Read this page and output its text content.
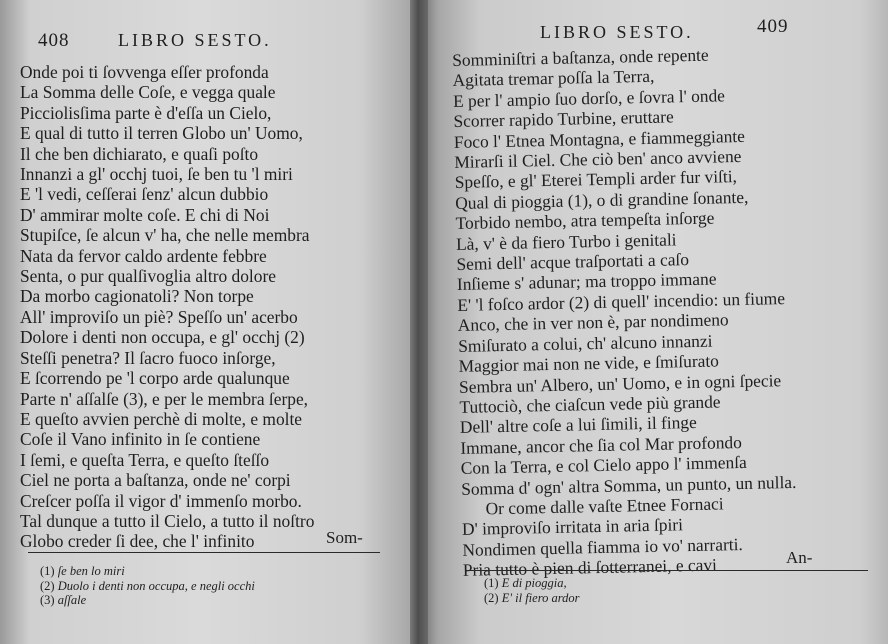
408	LIBRO SESTO.
Onde poi ti ſovvenga eſſer profonda
La Somma delle Coſe, e vegga quale
Picciolisſima parte è d'eſſa un Cielo,
E qual di tutto il terren Globo un' Uomo,
Il che ben dichiarato, e quaſi poſto
Innanzi a gl' occhj tuoi, ſe ben tu 'l miri
E 'l vedi, ceſſerai ſenz' alcun dubbio
D' ammirar molte coſe. E chi di Noi
Stupiſce, ſe alcun v' ha, che nelle membra
Nata da fervor caldo ardente febbre
Senta, o pur qualſivoglia altro dolore
Da morbo cagionatoli? Non torpe
All' improviſo un piè? Speſſo un' acerbo
Dolore i denti non occupa, e gl' occhj (2)
Steſſi penetra? Il ſacro fuoco inſorge,
E ſcorrendo pe 'l corpo arde qualunque
Parte n' aſſalſe (3), e per le membra ſerpe,
E queſto avvien perchè di molte, e molte
Coſe il Vano infinito in ſe contiene
I ſemi, e queſta Terra, e queſto ſteſſo
Ciel ne porta a baſtanza, onde ne' corpi
Creſcer poſſa il vigor d' immenſo morbo.
Tal dunque a tutto il Cielo, a tutto il noſtro
Globo creder ſi dee, che l' infinito	Som-
(1) ſe ben lo miri
(2) Duolo i denti non occupa, e negli occhi
(3) aſſale
LIBRO SESTO.	409
Somminiſtri a baſtanza, onde repente
Agitata tremar poſſa la Terra,
E per l' ampio ſuo dorſo, e ſovra l' onde
Scorrer rapido Turbine, eruttare
Foco l' Etnea Montagna, e fiammeggiante
Mirarſi il Ciel. Che ciò ben' anco avviene
Speſſo, e gl' Eterei Templi arder fur viſti,
Qual di pioggia (1), o di grandine ſonante,
Torbido nembo, atra tempeſta inſorge
Là, v' è da fiero Turbo i genitali
Semi dell' acque traſportati a caſo
Inſieme s' adunar; ma troppo immane
E' 'l foſco ardor (2) di quell' incendio: un fiume
Anco, che in ver non è, par nondimeno
Smiſurato a colui, ch' alcuno innanzi
Maggior mai non ne vide, e ſmiſurato
Sembra un' Albero, un' Uomo, e in ogni ſpecie
Tuttociò, che ciaſcun vede più grande
Dell' altre coſe a lui ſimili, il finge
Immane, ancor che ſia col Mar profondo
Con la Terra, e col Cielo appo l' immenſa
Somma d' ogn' altra Somma, un punto, un nulla.
Or come dalle vaſte Etnee Fornaci
D' improviſo irritata in aria ſpiri
Nondimen quella fiamma io vo' narrarti.
Pria tutto è pien di ſotterranei, e cavi	An-
(1) E di pioggia,
(2) E' il fiero ardor
